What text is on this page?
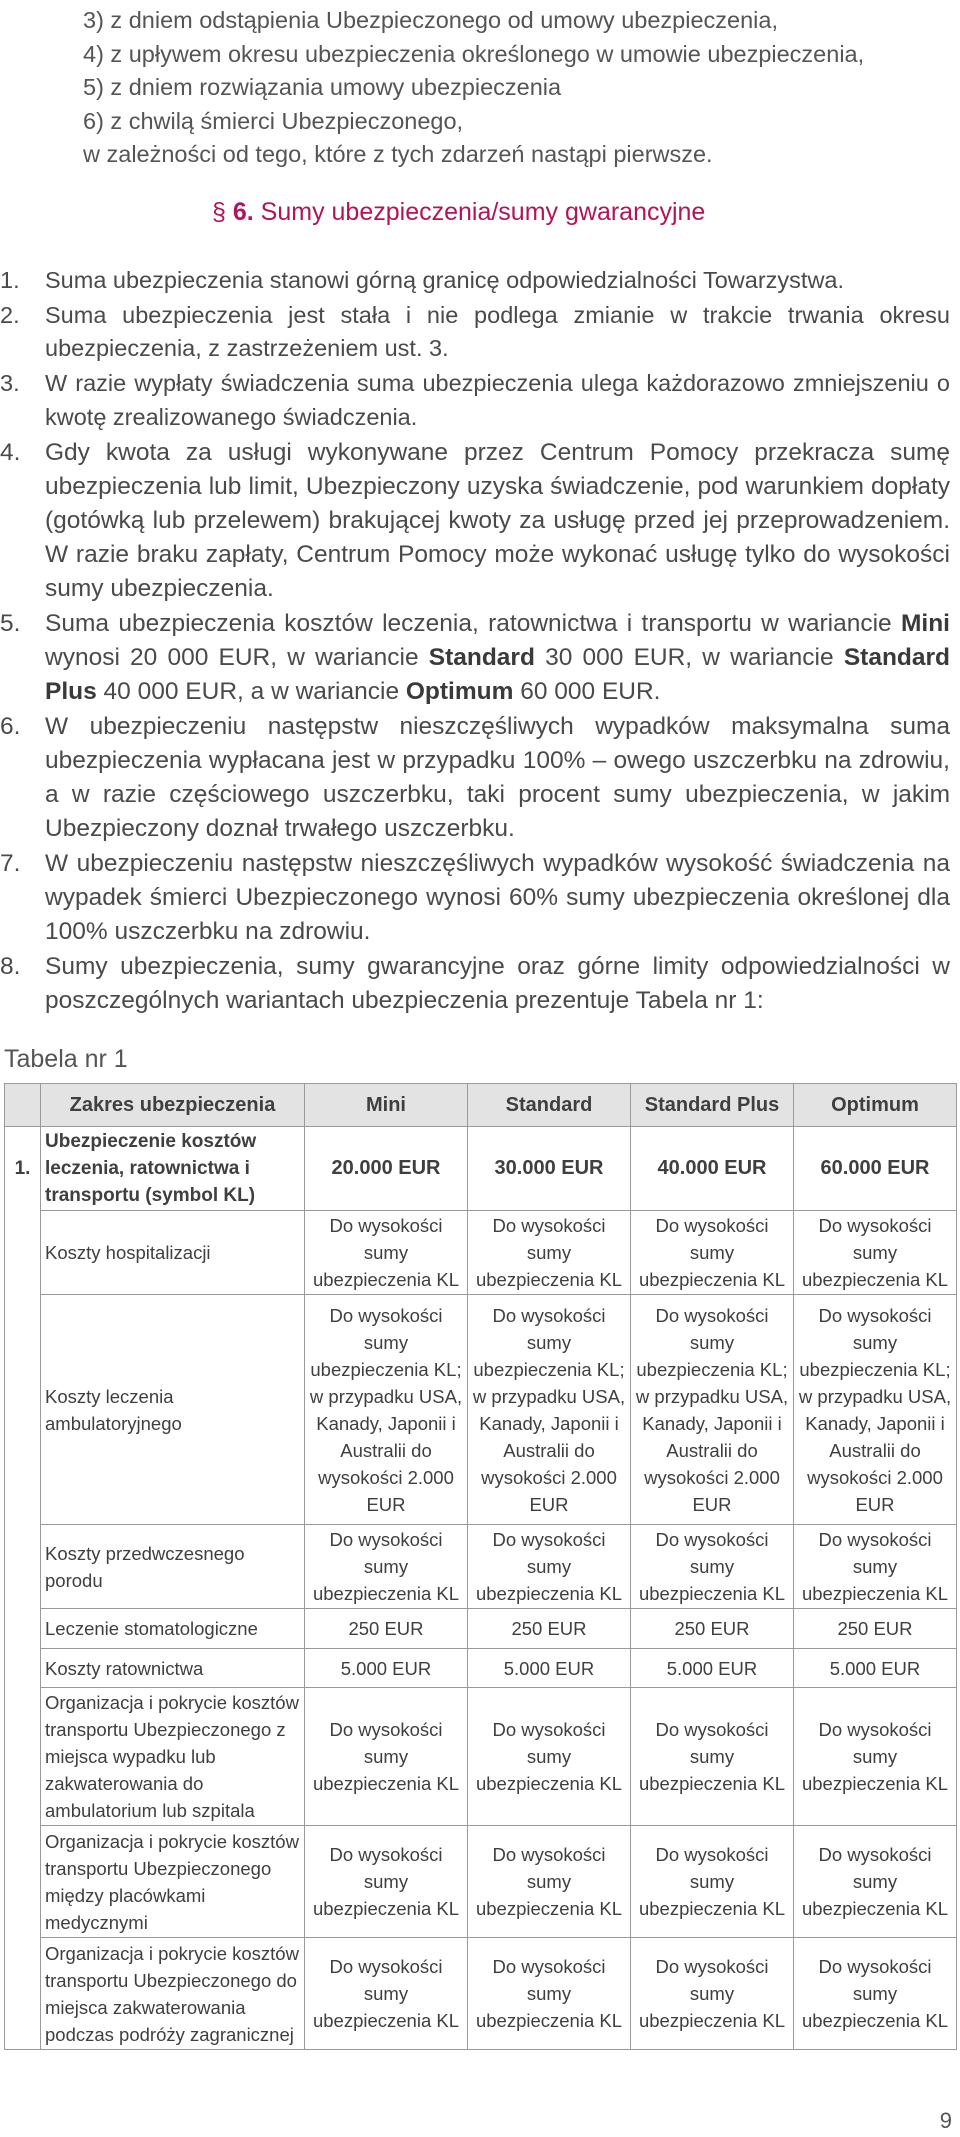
3) z dniem odstąpienia Ubezpieczonego od umowy ubezpieczenia,
4) z upływem okresu ubezpieczenia określonego w umowie ubezpieczenia,
5) z dniem rozwiązania umowy ubezpieczenia
6) z chwilą śmierci Ubezpieczonego,
w zależności od tego, które z tych zdarzeń nastąpi pierwsze.
§ 6. Sumy ubezpieczenia/sumy gwarancyjne
1. Suma ubezpieczenia stanowi górną granicę odpowiedzialności Towarzystwa.
2. Suma ubezpieczenia jest stała i nie podlega zmianie w trakcie trwania okresu ubezpieczenia, z zastrzeżeniem ust. 3.
3. W razie wypłaty świadczenia suma ubezpieczenia ulega każdorazowo zmniejszeniu o kwotę zrealizowanego świadczenia.
4. Gdy kwota za usługi wykonywane przez Centrum Pomocy przekracza sumę ubezpieczenia lub limit, Ubezpieczony uzyska świadczenie, pod warunkiem dopłaty (gotówką lub przelewem) brakującej kwoty za usługę przed jej przeprowadzeniem. W razie braku zapłaty, Centrum Pomocy może wykonać usługę tylko do wysokości sumy ubezpieczenia.
5. Suma ubezpieczenia kosztów leczenia, ratownictwa i transportu w wariancie Mini wynosi 20 000 EUR, w wariancie Standard 30 000 EUR, w wariancie Standard Plus 40 000 EUR, a w wariancie Optimum 60 000 EUR.
6. W ubezpieczeniu następstw nieszczęśliwych wypadków maksymalna suma ubezpieczenia wypłacana jest w przypadku 100% – owego uszczerbku na zdrowiu, a w razie częściowego uszczerbku, taki procent sumy ubezpieczenia, w jakim Ubezpieczony doznał trwałego uszczerbku.
7. W ubezpieczeniu następstw nieszczęśliwych wypadków wysokość świadczenia na wypadek śmierci Ubezpieczonego wynosi 60% sumy ubezpieczenia określonej dla 100% uszczerbku na zdrowiu.
8. Sumy ubezpieczenia, sumy gwarancyjne oraz górne limity odpowiedzialności w poszczególnych wariantach ubezpieczenia prezentuje Tabela nr 1:
Tabela nr 1
	Zakres ubezpieczenia	Mini	Standard	Standard Plus	Optimum
1.	Ubezpieczenie kosztów leczenia, ratownictwa i transportu (symbol KL)	20.000 EUR	30.000 EUR	40.000 EUR	60.000 EUR
	Koszty hospitalizacji	Do wysokości sumy ubezpieczenia KL	Do wysokości sumy ubezpieczenia KL	Do wysokości sumy ubezpieczenia KL	Do wysokości sumy ubezpieczenia KL
	Koszty leczenia ambulatoryjnego	Do wysokości sumy ubezpieczenia KL; w przypadku USA, Kanady, Japonii i Australii do wysokości 2.000 EUR	Do wysokości sumy ubezpieczenia KL; w przypadku USA, Kanady, Japonii i Australii do wysokości 2.000 EUR	Do wysokości sumy ubezpieczenia KL; w przypadku USA, Kanady, Japonii i Australii do wysokości 2.000 EUR	Do wysokości sumy ubezpieczenia KL; w przypadku USA, Kanady, Japonii i Australii do wysokości 2.000 EUR
	Koszty przedwczesnego porodu	Do wysokości sumy ubezpieczenia KL	Do wysokości sumy ubezpieczenia KL	Do wysokości sumy ubezpieczenia KL	Do wysokości sumy ubezpieczenia KL
	Leczenie stomatologiczne	250 EUR	250 EUR	250 EUR	250 EUR
	Koszty ratownictwa	5.000 EUR	5.000 EUR	5.000 EUR	5.000 EUR
	Organizacja i pokrycie kosztów transportu Ubezpieczonego z miejsca wypadku lub zakwaterowania do ambulatorium lub szpitala	Do wysokości sumy ubezpieczenia KL	Do wysokości sumy ubezpieczenia KL	Do wysokości sumy ubezpieczenia KL	Do wysokości sumy ubezpieczenia KL
	Organizacja i pokrycie kosztów transportu Ubezpieczonego między placówkami medycznymi	Do wysokości sumy ubezpieczenia KL	Do wysokości sumy ubezpieczenia KL	Do wysokości sumy ubezpieczenia KL	Do wysokości sumy ubezpieczenia KL
	Organizacja i pokrycie kosztów transportu Ubezpieczonego do miejsca zakwaterowania podczas podróży zagranicznej	Do wysokości sumy ubezpieczenia KL	Do wysokości sumy ubezpieczenia KL	Do wysokości sumy ubezpieczenia KL	Do wysokości sumy ubezpieczenia KL
9
